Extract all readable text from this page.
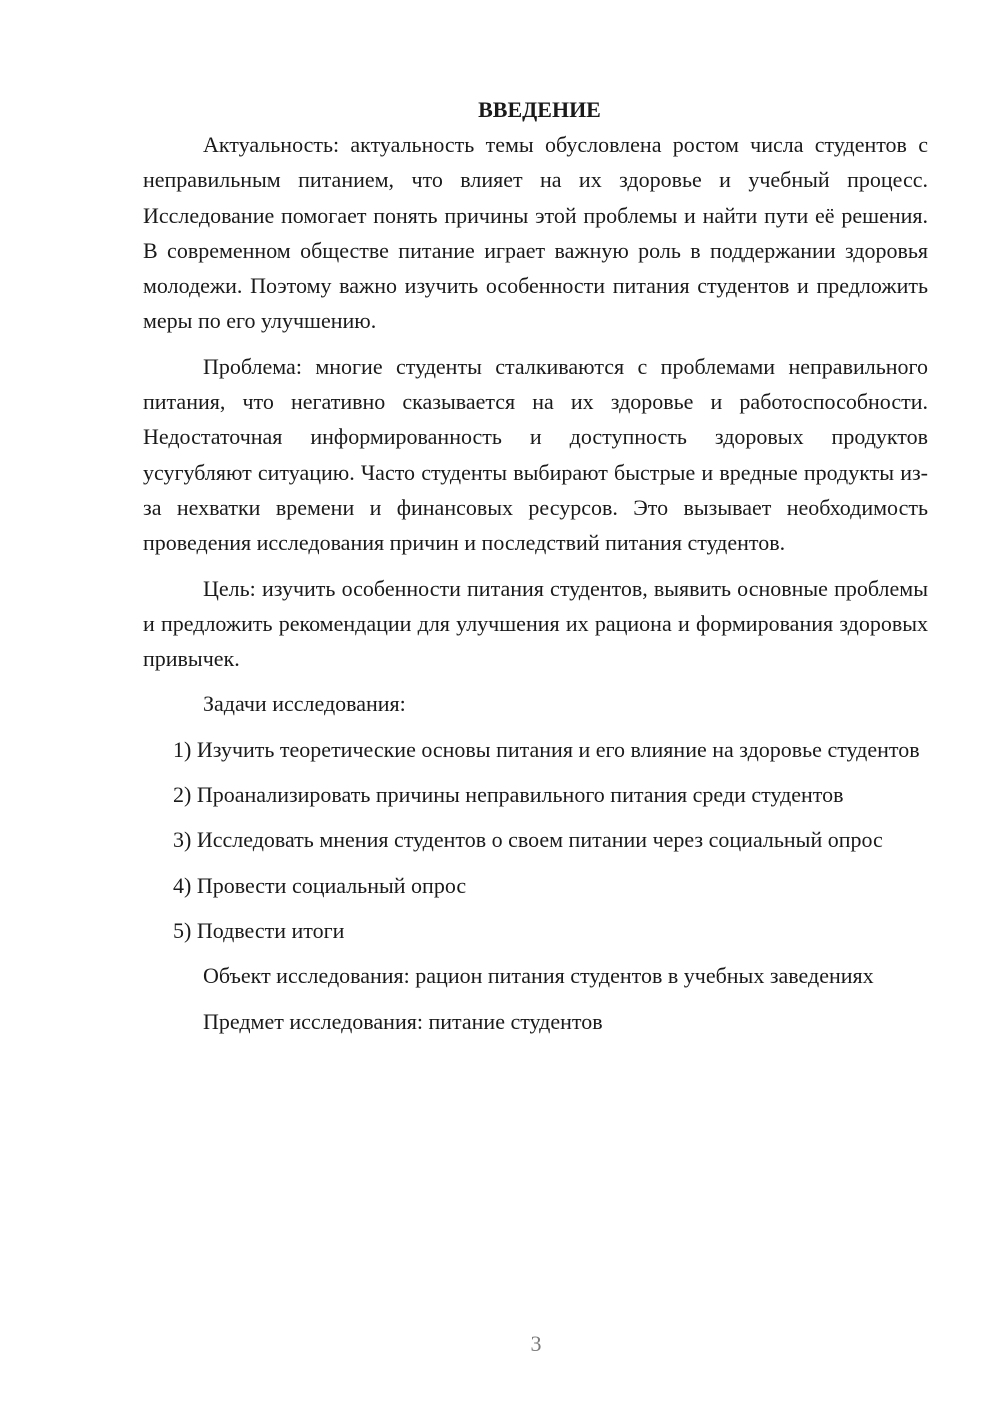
ВВЕДЕНИЕ

Актуальность: актуальность темы обусловлена ростом числа студентов с неправильным питанием, что влияет на их здоровье и учебный процесс. Исследование помогает понять причины этой проблемы и найти пути её решения. В современном обществе питание играет важную роль в поддержании здоровья молодежи. Поэтому важно изучить особенности питания студентов и предложить меры по его улучшению.

Проблема: многие студенты сталкиваются с проблемами неправильного питания, что негативно сказывается на их здоровье и работоспособности. Недостаточная информированность и доступность здоровых продуктов усугубляют ситуацию. Часто студенты выбирают быстрые и вредные продукты из-за нехватки времени и финансовых ресурсов. Это вызывает необходимость проведения исследования причин и последствий питания студентов.

Цель: изучить особенности питания студентов, выявить основные проблемы и предложить рекомендации для улучшения их рациона и формирования здоровых привычек.

Задачи исследования:

1) Изучить теоретические основы питания и его влияние на здоровье студентов

2) Проанализировать причины неправильного питания среди студентов

3) Исследовать мнения студентов о своем питании через социальный опрос

4) Провести социальный опрос

5) Подвести итоги

Объект исследования: рацион питания студентов в учебных заведениях

Предмет исследования: питание студентов

3
